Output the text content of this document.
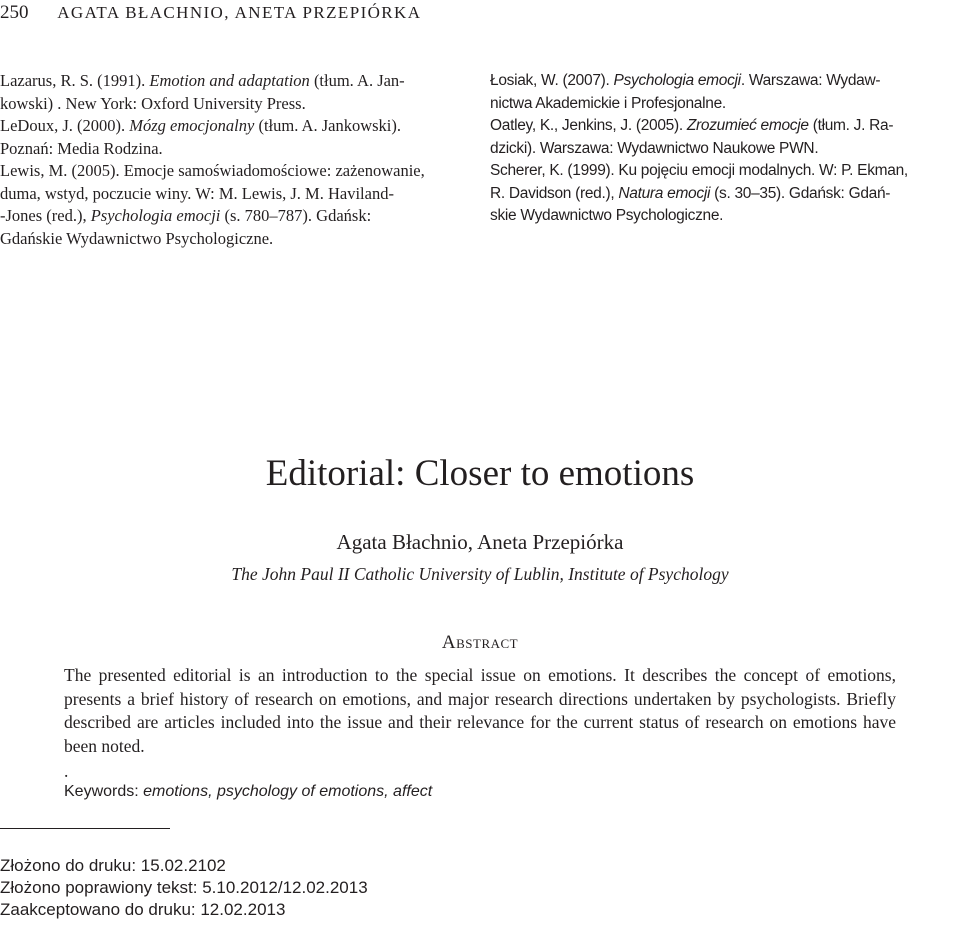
250 AGATA BŁACHNIO, ANETA PRZEPIÓRKA

Lazarus, R. S. (1991). Emotion and adaptation (tłum. A. Jan-
kowski) . New York: Oxford University Press.

LeDoux, J. (2000). Mózg emocjonalny (tłum. A. Jankowski).
Poznań: Media Rodzina.

Lewis, M. (2005). Emocje samoświadomościowe: zażenowanie,
duma, wstyd, poczucie winy. W: M. Lewis, J. M. Haviland-
-Jones (red.), Psychologia emocji (s. 780–787). Gdańsk:
Gdańskie Wydawnictwo Psychologiczne.

Łosiak, W. (2007). Psychologia emocji. Warszawa: Wydaw-
nictwa Akademickie i Profesjonalne.

Oatley, K., Jenkins, J. (2005). Zrozumieć emocje (tłum. J. Ra-
dzicki). Warszawa: Wydawnictwo Naukowe PWN.

Scherer, K. (1999). Ku pojęciu emocji modalnych. W: P. Ekman,
R. Davidson (red.), Natura emocji (s. 30–35). Gdańsk: Gdań-
skie Wydawnictwo Psychologiczne.

Editorial: Closer to emotions
Agata Błachnio, Aneta Przepiórka
The John Paul II Catholic University of Lublin, Institute of Psychology
Abstract

The presented editorial is an introduction to the special issue on emotions. It describes the concept of emotions, presents a brief history of research on emotions, and major research directions undertaken by psychologists. Briefly described are articles included into the issue and their relevance for the current status of research on emotions have been noted.

.
Keywords: emotions, psychology of emotions, affect
Złożono do druku: 15.02.2102
Złożono poprawiony tekst: 5.10.2012/12.02.2013
Zaakceptowano do druku: 12.02.2013
